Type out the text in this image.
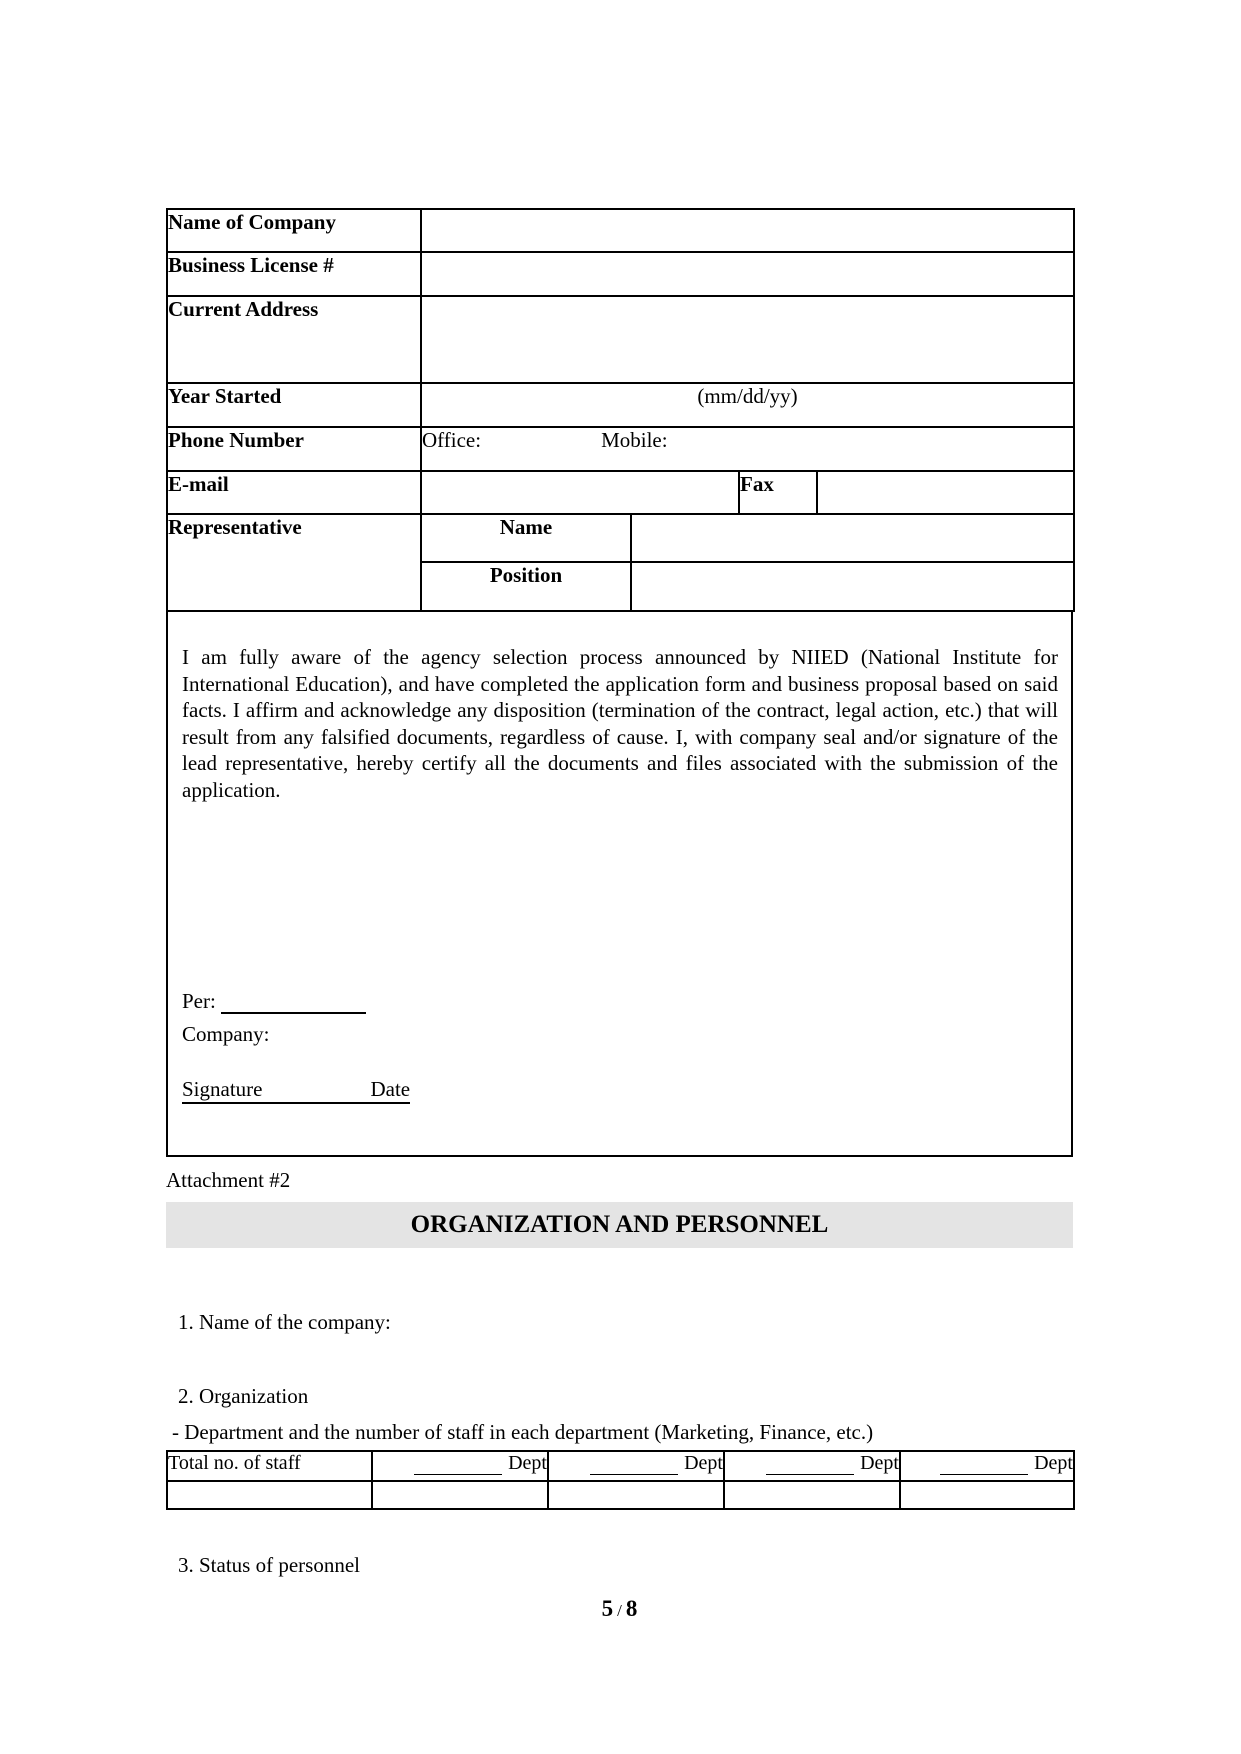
Name of Company				
Business License #				
Current Address				
Year Started	(mm/dd/yy)			
Phone Number	Office: Mobile:			
E-mail			Fax	
Representative	Name			
	Position			
I am fully aware of the agency selection process announced by NIIED (National Institute for International Education), and have completed the application form and business proposal based on said facts. I affirm and acknowledge any disposition (termination of the contract, legal action, etc.) that will result from any falsified documents, regardless of cause. I, with company seal and/or signature of the lead representative, hereby certify all the documents and files associated with the submission of the application.
Per:
Company:
Signature	Date
Attachment #2
ORGANIZATION AND PERSONNEL
1. Name of the company:
2. Organization
- Department and the number of staff in each department (Marketing, Finance, etc.)
Total no. of staff	Dept	Dept	Dept	Dept

3. Status of personnel
5 / 8
